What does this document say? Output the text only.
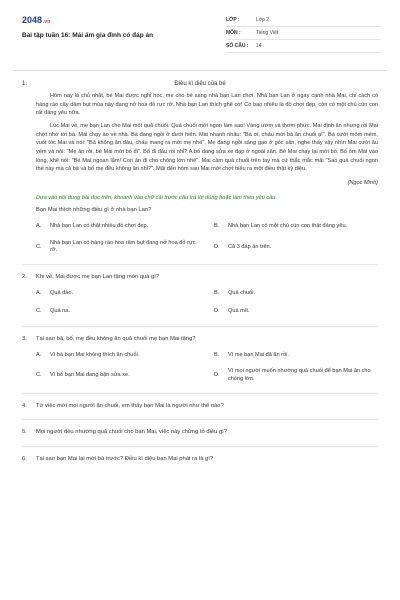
2048.vn
Bài tập tuần 16: Mái ấm gia đình có đáp án
LỚP :	Lớp 2
MÔN :	Tiếng Việt
SỐ CÂU :	14
1.	Điều kì diệu của bé

Hôm nay là chủ nhật, bé Mai được nghỉ học, mẹ cho bé sang nhà bạn Lan chơi. Nhà bạn Lan ở ngay cạnh nhà Mai, chỉ cách có hàng rào cây dâm bụt mùa này đang nở hoa đỏ rực rỡ. Nhà bạn Lan thích ghê cơ! Có bao nhiêu là đồ chơi đẹp, còn có một chú cún con rất đáng yêu nữa.

Lúc Mai về, mẹ bạn Lan cho Mai một quả chuối. Quả chuối mới ngon làm sao! Vàng ươm và thơm phức. Mai định ăn nhưng rồi Mai chợt nhớ tới bà. Mai chạy ào về nhà. Bà đang ngồi ở dưới hiên. Mai nhanh nhảu: "Bà ơi, cháu mời bà ăn chuối ạ!". Bà cười móm mém, vuốt tóc Mai và nói: "Bà không ăn đâu, cháu mang ra mời mẹ nhé". Mẹ đang ngồi sàng gạo ở góc sân, nghe thấy vậy nhìn Mai cười âu yếm và nói: "Mẹ ăn rồi, bé Mai mời bố đi". Bố đi đâu rồi nhỉ? A bố đang sửa xe đạp ở ngoài sân. Bé Mai chạy lại mời bố. Bố ôm Mai vào lòng, khẽ nói: "Bé Mai ngoan lắm! Con ăn đi cho chóng lớn nhé". Mai cầm quả chuối trên tay mà cứ thắc mắc mãi "Sao quả chuối ngon thế này mà cả bà và bố mẹ đều không ăn nhỉ?". Mãi đến hôm sau Mai mới chợt hiểu ra một điều thật kỳ diệu.

(Ngọc Minh)
Dựa vào nội dung bài đọc trên, khoanh vào chữ cái trước câu trả lời đúng hoặc làm theo yêu cầu.
Bạn Mai thích những điều gì ở nhà bạn Lan?
A.	Nhà bạn Lan có thật nhiều đồ chơi đẹp.	B.	Nhà bạn Lan có một chú cún con thật đáng yêu.
C.
Nhà bạn Lan có hàng rào hoa râm bụt đang nở hoa đỏ rực rỡ.
D.	Cả 3 đáp án trên.
2.	Khi về, Mai được mẹ bạn Lan tặng món quà gì?
A.	Quả đào.	B.	Quả chuối.
C.	Quả na.	D.	Quả mít.
3.	Tại sao bà, bố, mẹ đều không ăn quả chuối mẹ bạn Mai tặng?
A.	Vì bà bạn Mai không thích ăn chuối.	B.	Vì mẹ bạn Mai đã ăn rồi.
C.	Vì bố bạn Mai đang bận sửa xe.	D.
Vì mọi người muốn nhường quả chuối để bạn Mai ăn cho chóng lớn.
4.	Từ việc mời mọi người ăn chuối, em thấy bạn Mai là người như thế nào?
5.	Mọi người đều nhường quả chuối cho bạn Mai, việc này chứng tỏ điều gì?
6.	Tại sao bạn Mai lại mời bà trước? Điều kì diệu bạn Mai phát ra là gì?
